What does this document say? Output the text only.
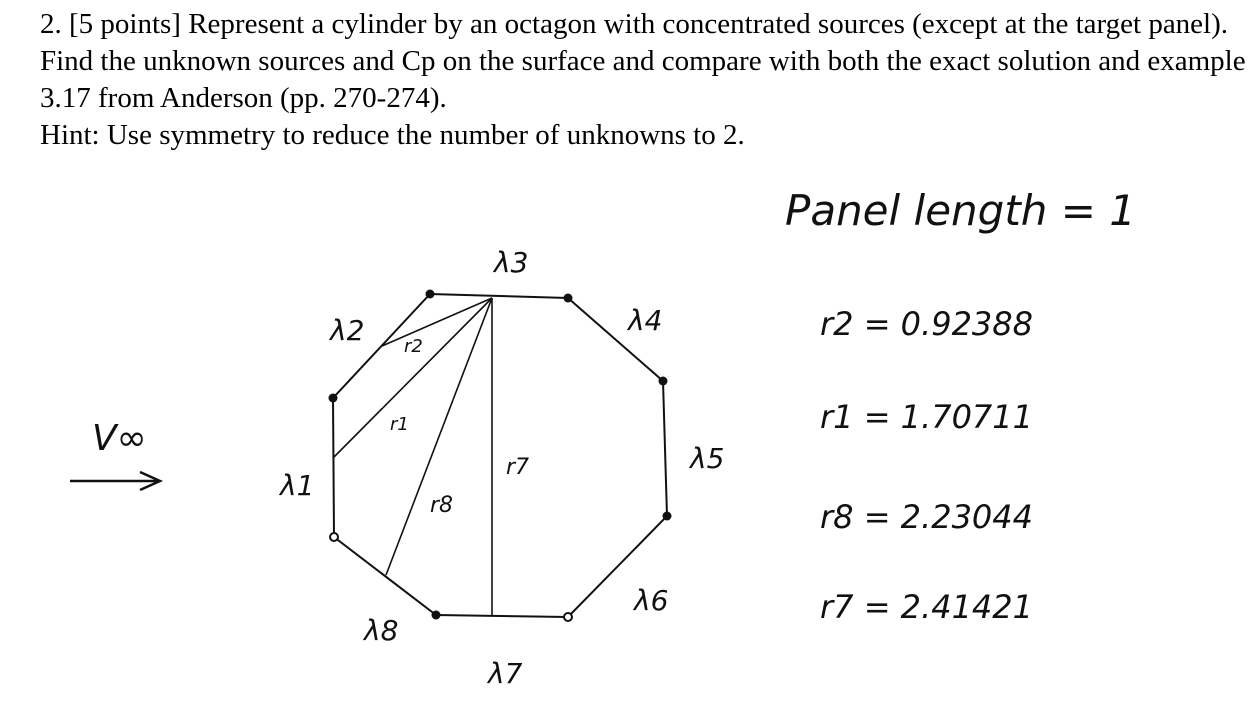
2. [5 points] Represent a cylinder by an octagon with concentrated sources (except at the target panel). Find the unknown sources and Cp on the surface and compare with both the exact solution and example 3.17 from Anderson (pp. 270-274).

Hint: Use symmetry to reduce the number of unknowns to 2.

V∞
λ1
λ2
λ3
λ4
λ5
λ6
λ7
λ8
r2
r1
r8
r7
Panel length = 1
r2 = 0.92388
r1 = 1.70711
r8 = 2.23044
r7 = 2.41421
